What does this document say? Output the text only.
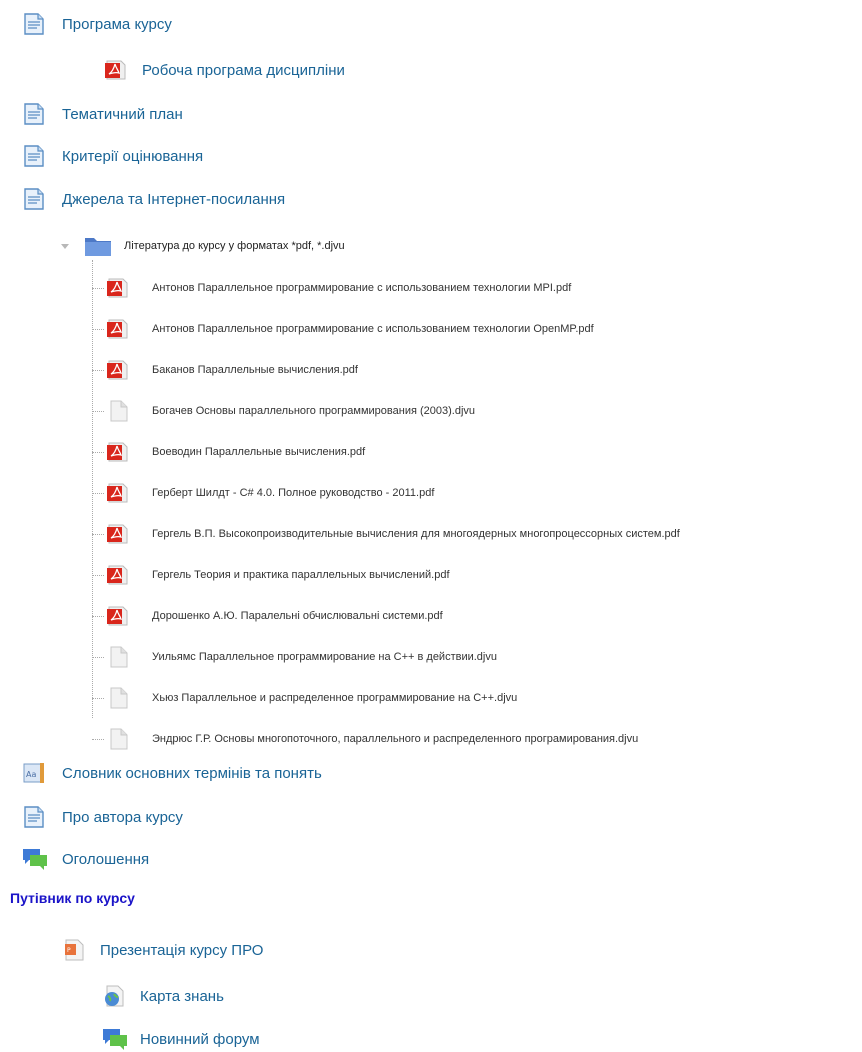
Програма курсу
Робоча програма дисципліни
Тематичний план
Критерії оцінювання
Джерела та Інтернет-посилання
Література до курсу у форматах *pdf, *.djvu
Антонов Параллельное программирование с использованием технологии MPI.pdf
Антонов Параллельное программирование с использованием технологии OpenMP.pdf
Баканов Параллельные вычисления.pdf
Богачев Основы параллельного программирования (2003).djvu
Воеводин Параллельные вычисления.pdf
Герберт Шилдт - C# 4.0. Полное руководство - 2011.pdf
Гергель В.П. Высокопроизводительные вычисления для многоядерных многопроцессорных систем.pdf
Гергель Теория и практика параллельных вычислений.pdf
Дорошенко А.Ю. Паралельні обчислювальні системи.pdf
Уильямс Параллельное программирование на C++ в действии.djvu
Хьюз Параллельное и распределенное программирование на C++.djvu
Эндрюс Г.Р. Основы многопоточного, параллельного и распределенного програмирования.djvu
Aa Словник основних термінів та понять
Про автора курсу
Оголошення
Путівник по курсу
P Презентація курсу ПРО
Карта знань
Новинний форум
